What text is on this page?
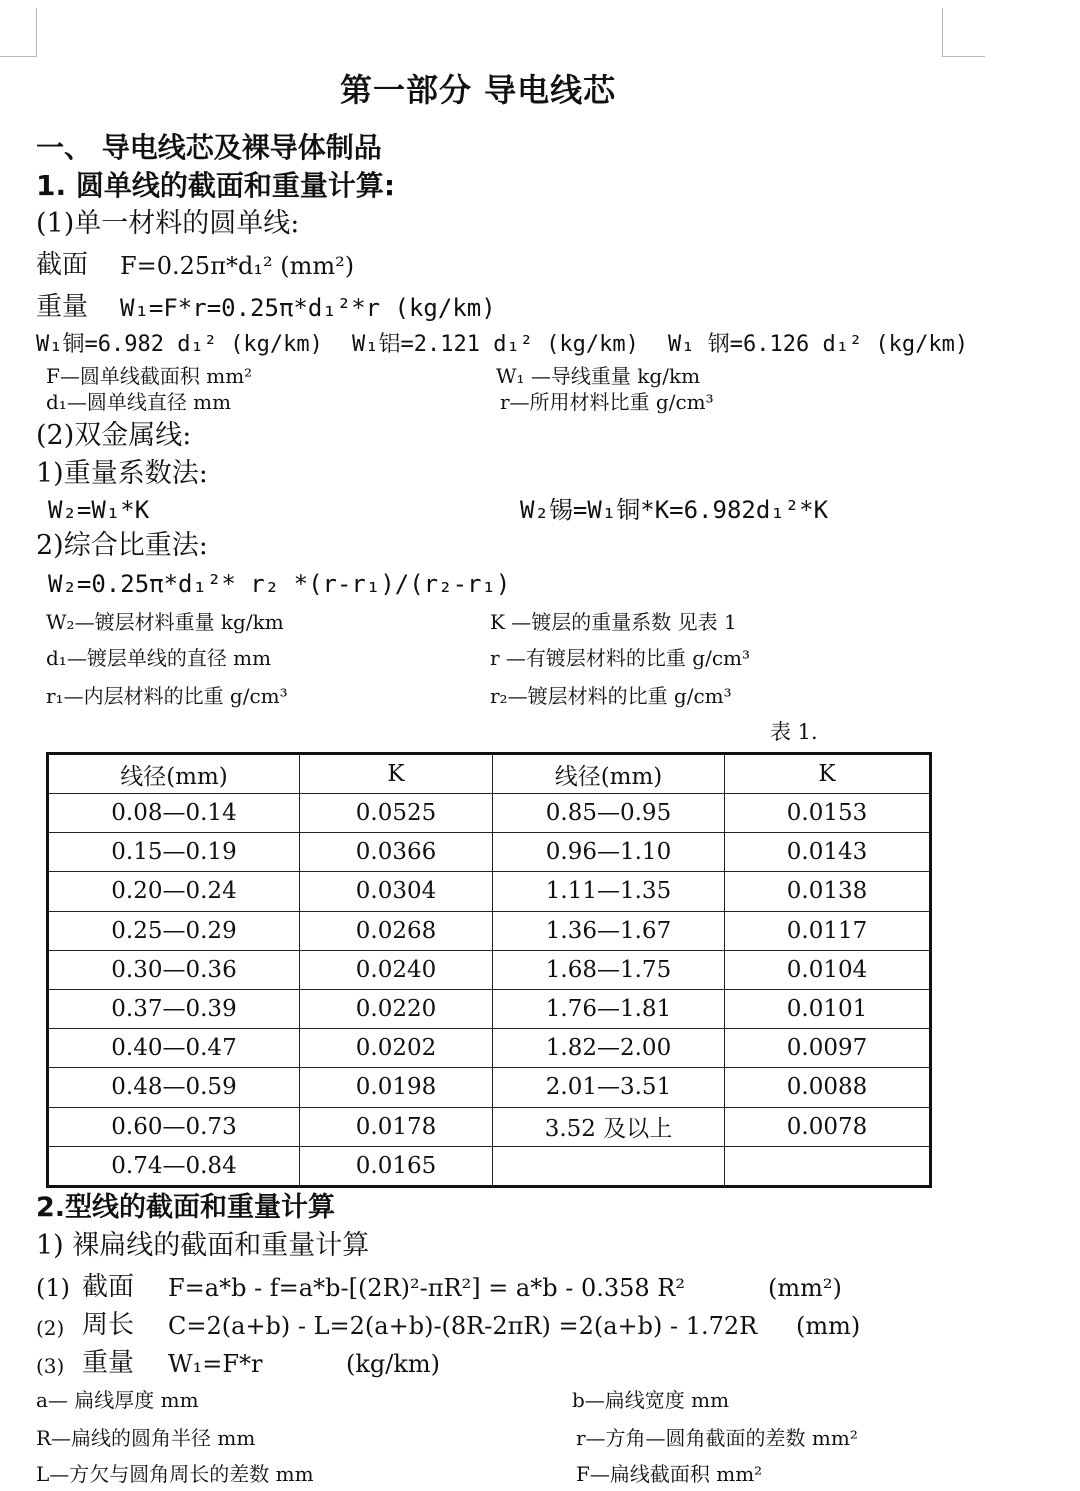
第一部分 导电线芯
一、 导电线芯及裸导体制品
1. 圆单线的截面和重量计算:
(1)单一材料的圆单线:
截面 F=0.25π*d₁² (mm²)
重量 W₁=F*r=0.25π*d₁²*r (kg/km)
W₁铜=6.982 d₁² (kg/km) W₁铝=2.121 d₁² (kg/km) W₁ 钢=6.126 d₁² (kg/km)
F—圆单线截面积 mm²	W₁ —导线重量 kg/km
d₁—圆单线直径 mm	r—所用材料比重 g/cm³
(2)双金属线:
1)重量系数法:
W₂=W₁*K	W₂锡=W₁铜*K=6.982d₁²*K
2)综合比重法:
W₂=0.25π*d₁²* r₂ *(r-r₁)/(r₂-r₁)
W₂—镀层材料重量 kg/km	K —镀层的重量系数 见表 1
d₁—镀层单线的直径 mm	r —有镀层材料的比重 g/cm³
r₁—内层材料的比重 g/cm³	r₂—镀层材料的比重 g/cm³
表 1.
线径(mm)	K	线径(mm)	K
0.08—0.14	0.0525	0.85—0.95	0.0153
0.15—0.19	0.0366	0.96—1.10	0.0143
0.20—0.24	0.0304	1.11—1.35	0.0138
0.25—0.29	0.0268	1.36—1.67	0.0117
0.30—0.36	0.0240	1.68—1.75	0.0104
0.37—0.39	0.0220	1.76—1.81	0.0101
0.40—0.47	0.0202	1.82—2.00	0.0097
0.48—0.59	0.0198	2.01—3.51	0.0088
0.60—0.73	0.0178	3.52 及以上	0.0078
0.74—0.84	0.0165		
2.型线的截面和重量计算
1) 裸扁线的截面和重量计算
(1) 截面 F=a*b - f=a*b-[(2R)²-πR²] = a*b - 0.358 R²	(mm²)
(2) 周长 C=2(a+b) - L=2(a+b)-(8R-2πR) =2(a+b) - 1.72R (mm)
(3) 重量 W₁=F*r	(kg/km)
a— 扁线厚度 mm	b—扁线宽度 mm
R—扁线的圆角半径 mm	r—方角—圆角截面的差数 mm²
L—方欠与圆角周长的差数 mm	F—扁线截面积 mm²
